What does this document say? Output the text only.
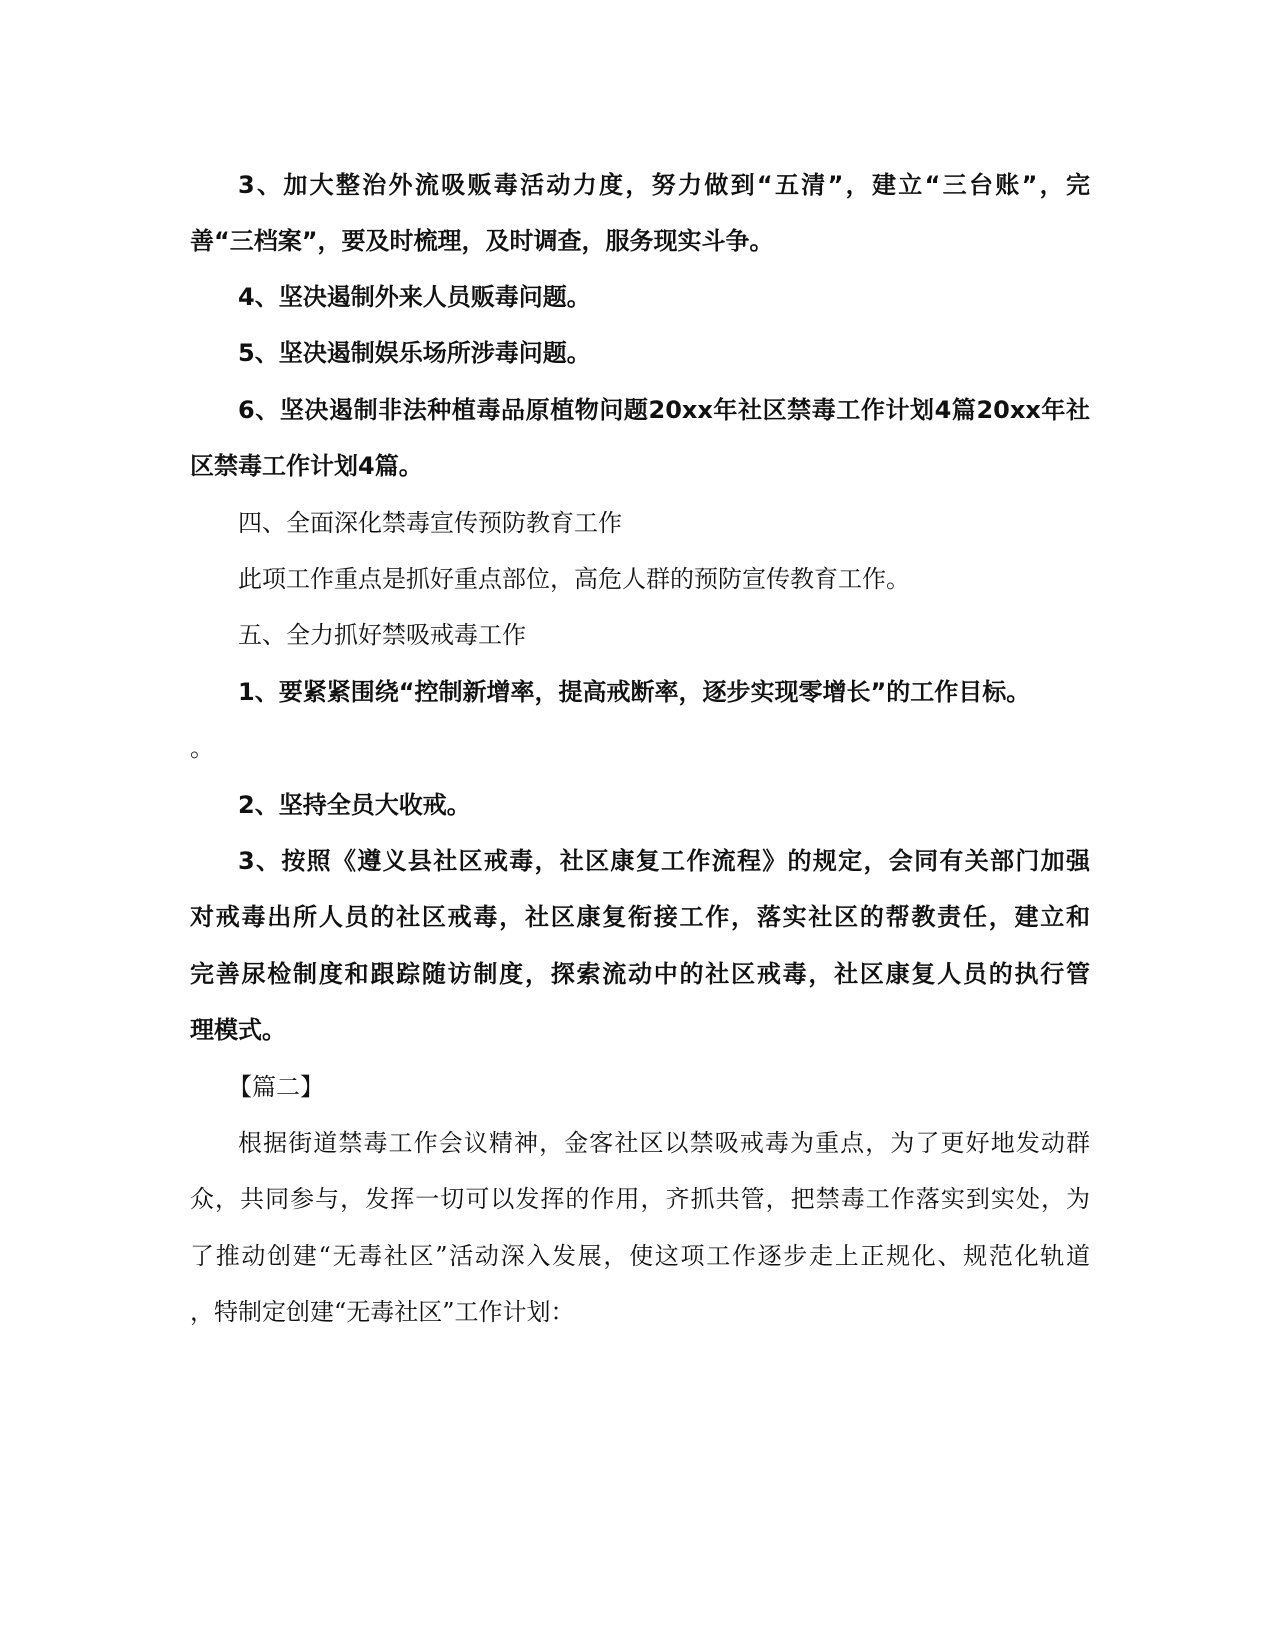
3、加大整治外流吸贩毒活动力度，努力做到“五清”，建立“三台账”，完
善“三档案”，要及时梳理，及时调查，服务现实斗争。
4、坚决遏制外来人员贩毒问题。
5、坚决遏制娱乐场所涉毒问题。
6、坚决遏制非法种植毒品原植物问题20xx年社区禁毒工作计划4篇20xx年社
区禁毒工作计划4篇。
四、全面深化禁毒宣传预防教育工作
此项工作重点是抓好重点部位，高危人群的预防宣传教育工作。
五、全力抓好禁吸戒毒工作
1、要紧紧围绕“控制新增率，提高戒断率，逐步实现零增长”的工作目标。
。
2、坚持全员大收戒。
3、按照《遵义县社区戒毒，社区康复工作流程》的规定，会同有关部门加强
对戒毒出所人员的社区戒毒，社区康复衔接工作，落实社区的帮教责任，建立和
完善尿检制度和跟踪随访制度，探索流动中的社区戒毒，社区康复人员的执行管
理模式。
【篇二】
根据街道禁毒工作会议精神，金客社区以禁吸戒毒为重点，为了更好地发动群
众，共同参与，发挥一切可以发挥的作用，齐抓共管，把禁毒工作落实到实处，为
了推动创建“无毒社区”活动深入发展，使这项工作逐步走上正规化、规范化轨道
，特制定创建“无毒社区”工作计划：
